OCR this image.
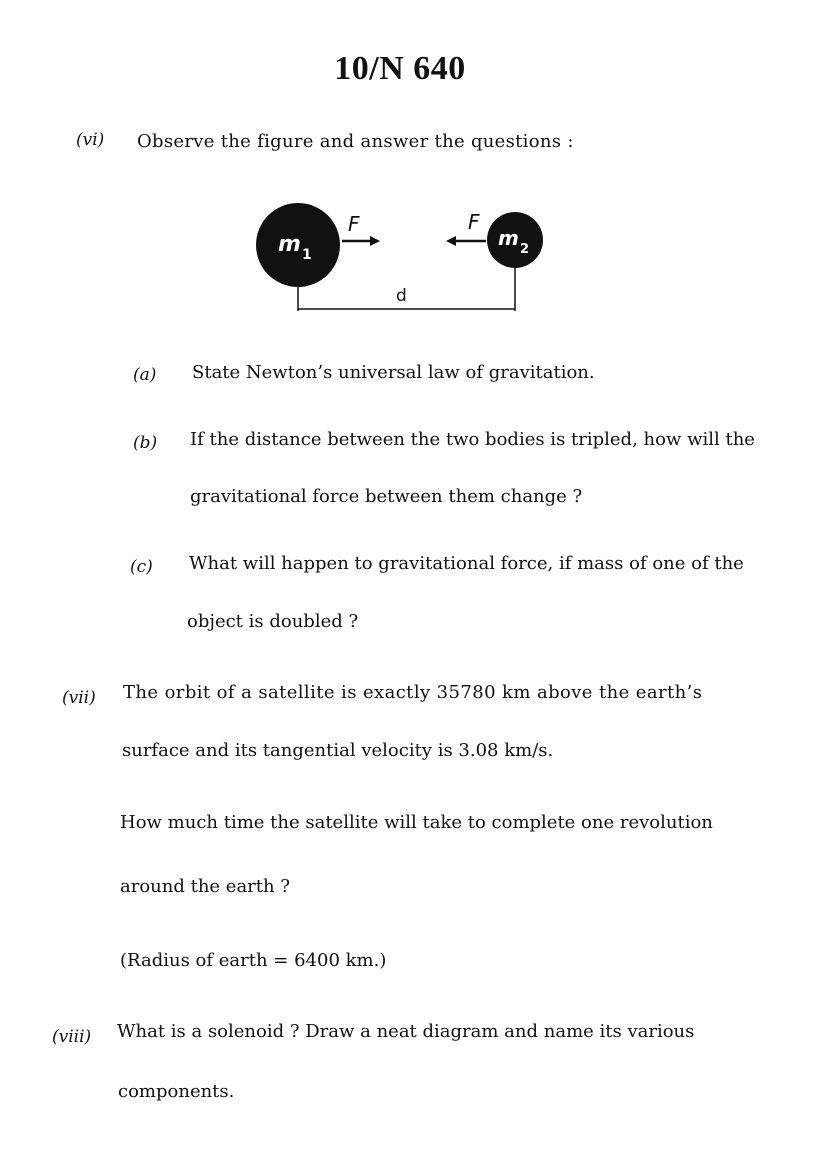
10/N 640
(vi) Observe the figure and answer the questions :
m 1
m 2
F	F
d
(a) State Newton’s universal law of gravitation.
(b) If the distance between the two bodies is tripled, how will the
gravitational force between them change ?
(c) What will happen to gravitational force, if mass of one of the
object is doubled ?
(vii) The orbit of a satellite is exactly 35780 km above the earth’s
surface and its tangential velocity is 3.08 km/s.
How much time the satellite will take to complete one revolution
around the earth ?
(Radius of earth = 6400 km.)
(viii) What is a solenoid ? Draw a neat diagram and name its various
components.
